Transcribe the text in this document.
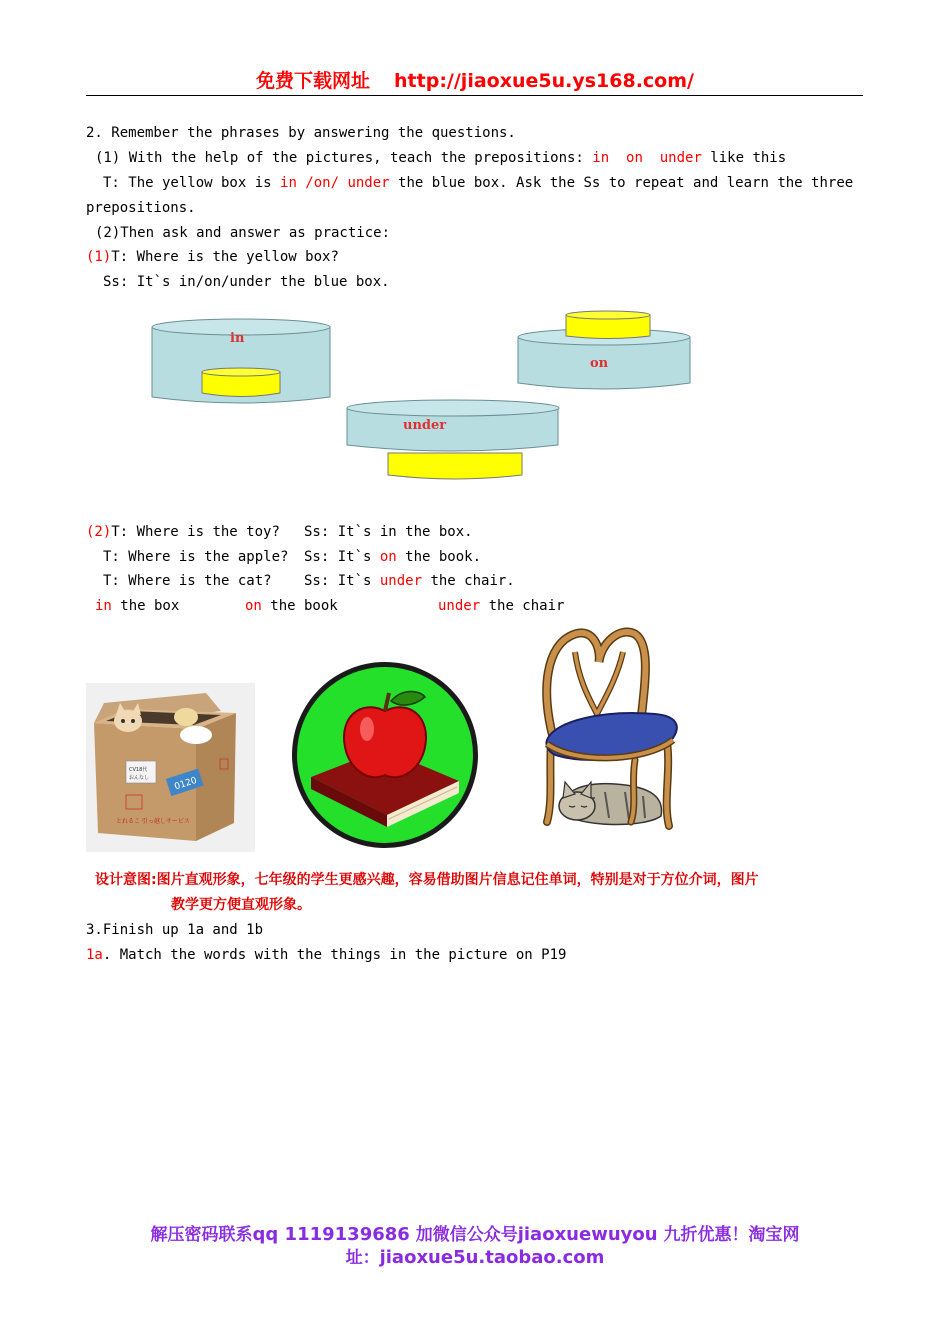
免费下载网址 http://jiaoxue5u.ys168.com/
2. Remember the phrases by answering the questions.
(1) With the help of the pictures, teach the prepositions: in  on  under like this
T: The yellow box is in /on/ under the blue box. Ask the Ss to repeat and learn the three
prepositions.
(2)Then ask and answer as practice:
(1)T: Where is the yellow box?
Ss: It`s in/on/under the blue box.
in
on
under
(2)T: Where is the toy? Ss: It`s in the box.
T: Where is the apple? Ss: It`s on the book.
T: Where is the cat? Ss: It`s under the chair.
in the box	on the book	under the chair
CV18代
おんなし	0120
とれるこ 引っ越しサービス
设计意图:图片直观形象，七年级的学生更感兴趣，容易借助图片信息记住单词，特别是对于方位介词，图片
教学更方便直观形象。
3.Finish up 1a and 1b
1a. Match the words with the things in the picture on P19
解压密码联系qq 1119139686 加微信公众号jiaoxuewuyou 九折优惠！淘宝网
址：jiaoxue5u.taobao.com
